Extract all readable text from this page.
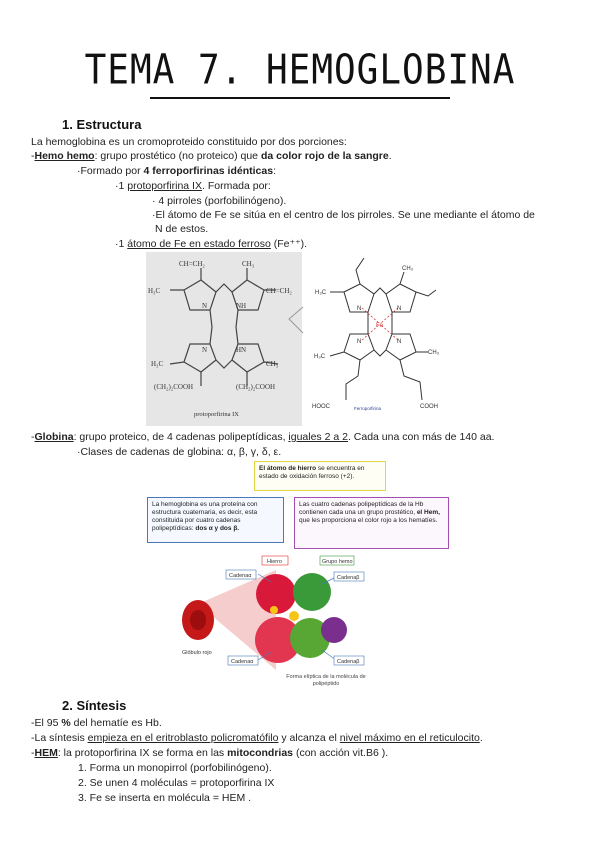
TEMA 7. HEMOGLOBINA
1. Estructura
La hemoglobina es un cromoproteido constituido por dos porciones:
-Hemo hemo: grupo prostético (no proteico) que da color rojo de la sangre.
·Formado por 4 ferroporfirinas idénticas:
·1 protoporfirina IX. Formada por:
· 4 pirroles (porfobilinógeno).
·El átomo de Fe se sitúa en el centro de los pirroles. Se une mediante el átomo de
N de estos.
·1 átomo de Fe en estado ferroso (Fe⁺⁺).
CH=CH₂	CH₃
H₃C	CH=CH₂
N	NH
N	HN
H₃C	CH₃
(CH₂)₂COOH	(CH₂)₂COOH
protoporfirina IX
H₃C
CH₃
Fe
N	N
N	N
CH₃
H₃C
HOOC	COOH
Ferroporfirina
-Globina: grupo proteico, de 4 cadenas polipeptídicas, iguales 2 a 2. Cada una con más de 140 aa.
·Clases de cadenas de globina: α, β, γ, δ, ε.
El átomo de hierro se encuentra en estado de oxidación ferroso (+2).
La hemoglobina es una proteína con estructura cuaternaria, es decir, esta constituida por cuatro cadenas polipeptídicas: dos α y dos β.
Las cuatro cadenas polipeptídicas de la Hb contienen cada una un grupo prostético, el Hem, que les proporciona el color rojo a los hematíes.
Hierro	Grupo hemo
Cadenaα	Cadenaβ
Cadenaα	Cadenaβ
Glóbulo rojo
Forma elíptica de la molécula de polipéptido
2. Síntesis
-El 95 % del hematíe es Hb.
-La síntesis empieza en el eritroblasto policromatófilo y alcanza el nivel máximo en el reticulocito.
-HEM: la protoporfirina IX se forma en las mitocondrias (con acción vit.B6 ).
1. Forma un monopirrol (porfobilinógeno).
2. Se unen 4 moléculas = protoporfirina IX
3. Fe se inserta en molécula = HEM .
